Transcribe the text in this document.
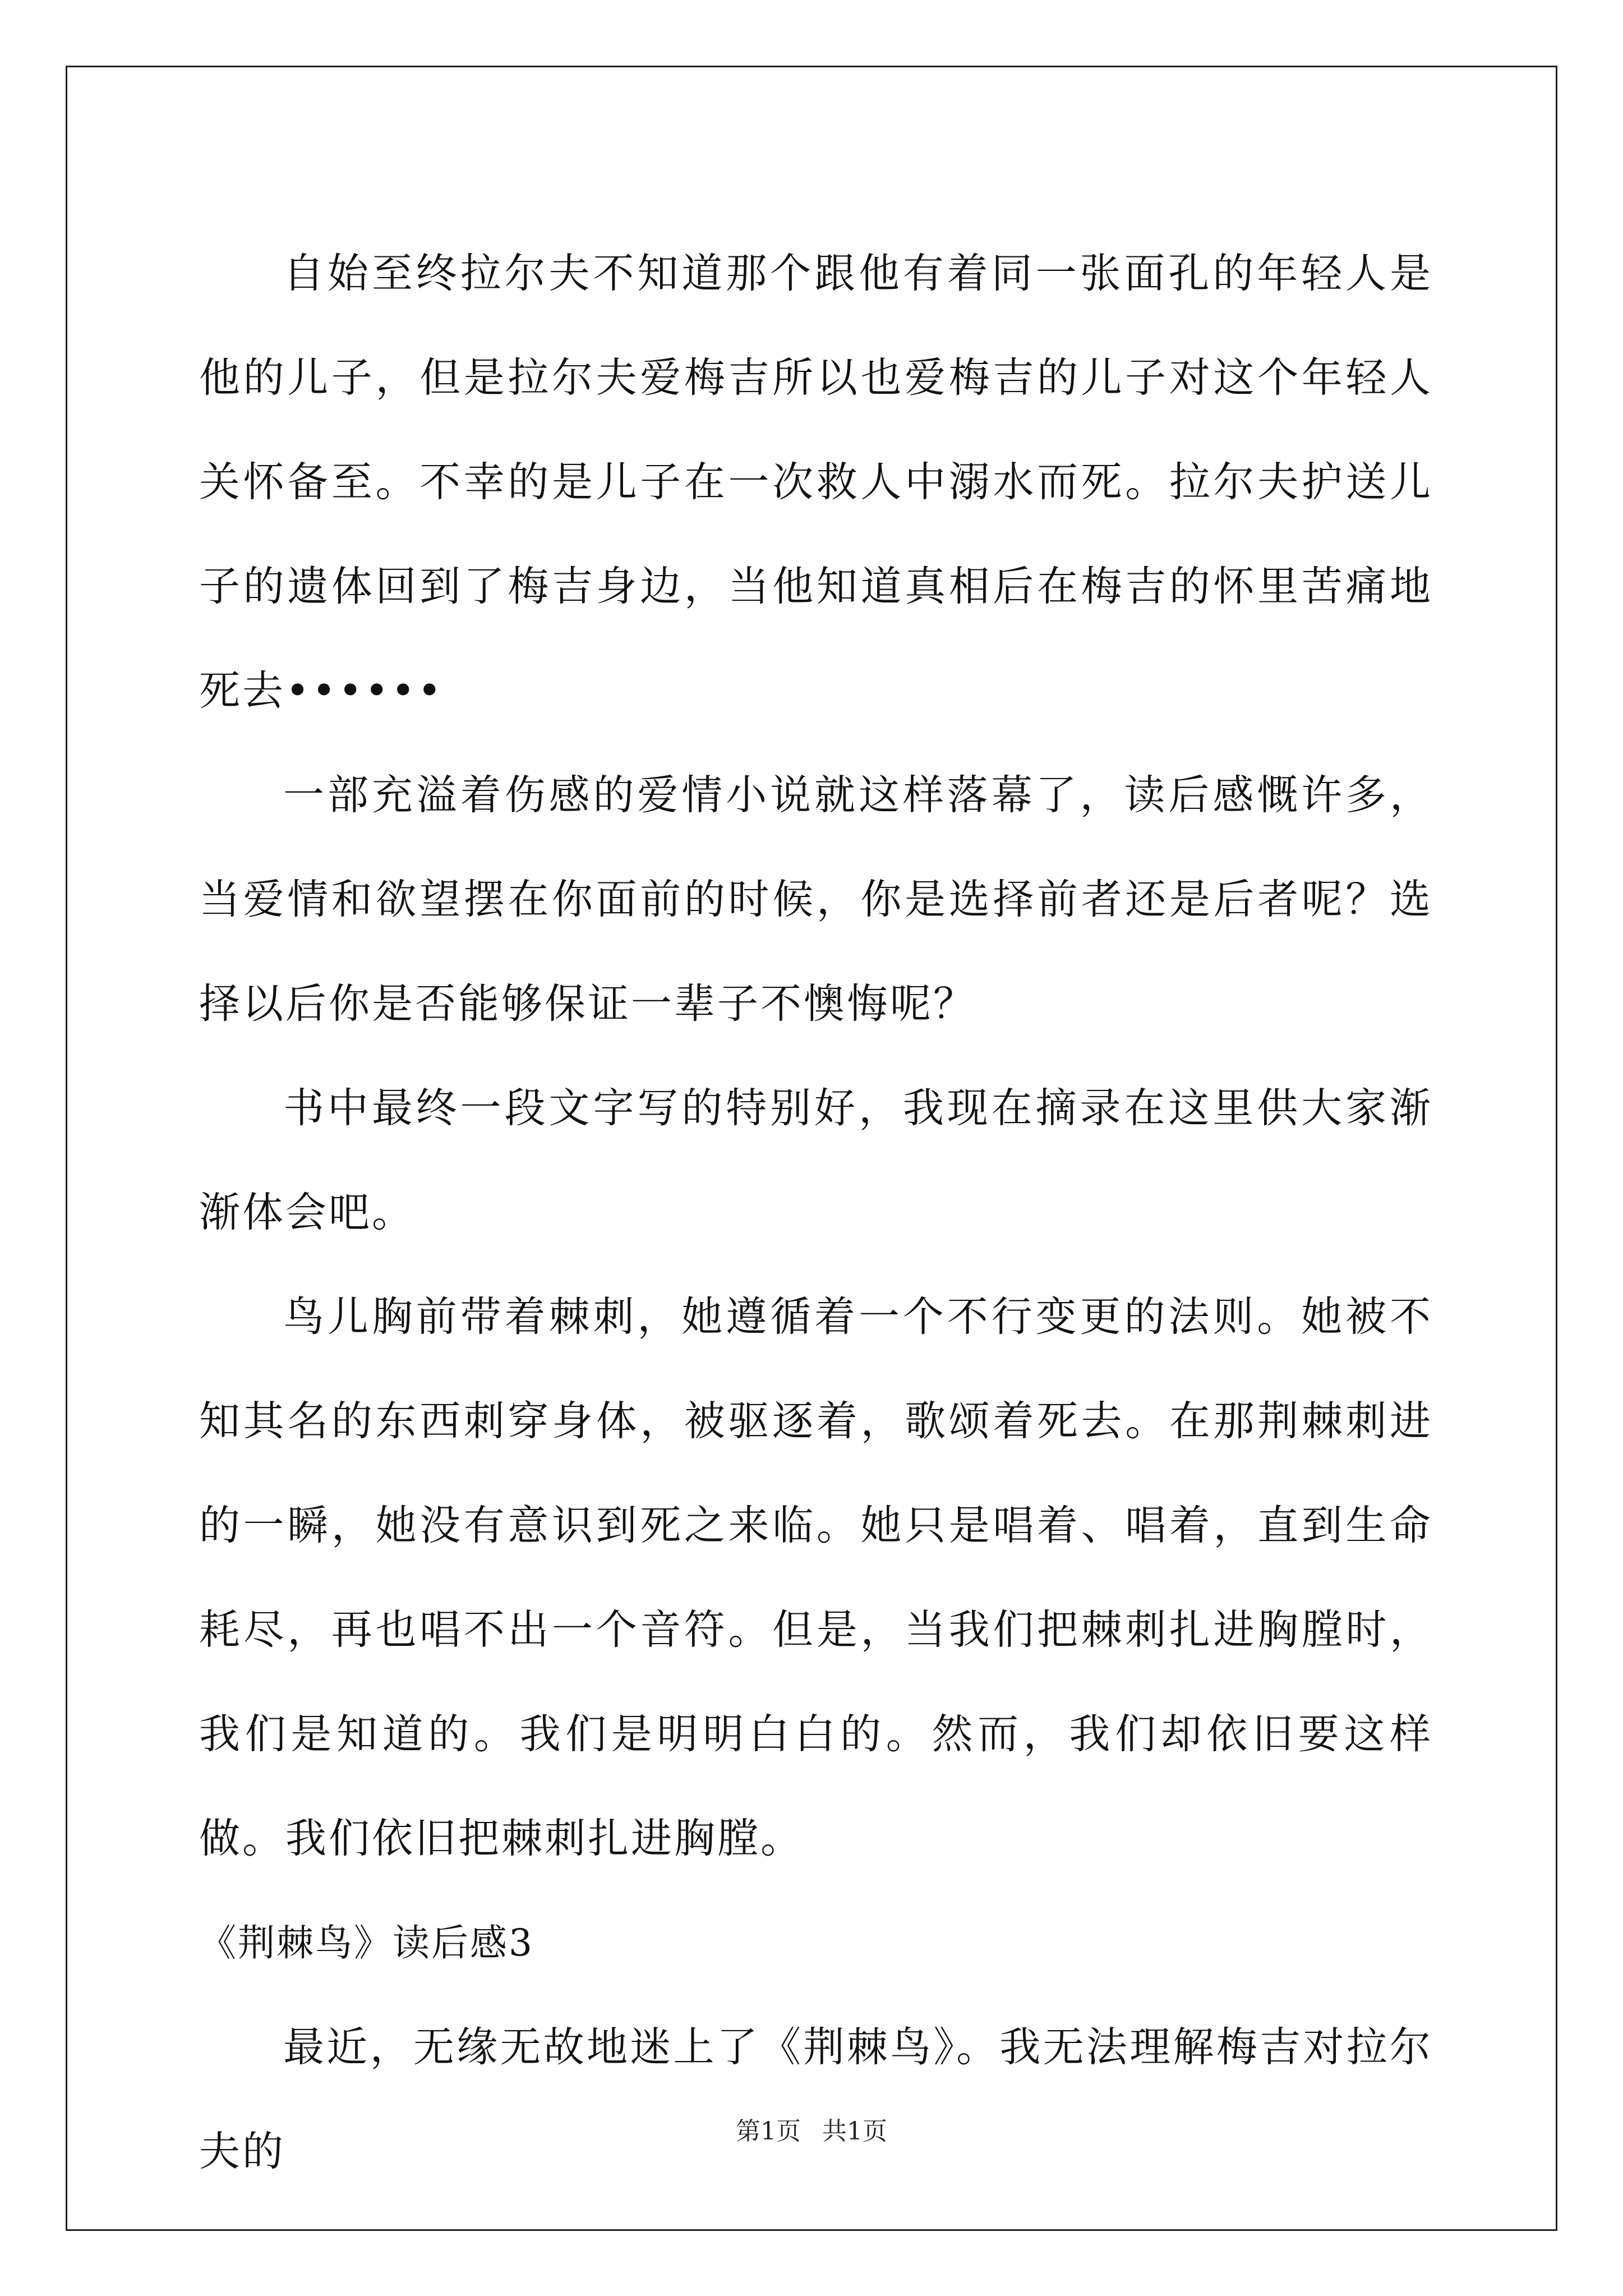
自始至终拉尔夫不知道那个跟他有着同一张面孔的年轻人是他的儿子，但是拉尔夫爱梅吉所以也爱梅吉的儿子对这个年轻人关怀备至。不幸的是儿子在一次救人中溺水而死。拉尔夫护送儿子的遗体回到了梅吉身边，当他知道真相后在梅吉的怀里苦痛地死去••••••

一部充溢着伤感的爱情小说就这样落幕了，读后感慨许多，当爱情和欲望摆在你面前的时候，你是选择前者还是后者呢？选择以后你是否能够保证一辈子不懊悔呢？

书中最终一段文字写的特别好，我现在摘录在这里供大家渐渐体会吧。

鸟儿胸前带着棘刺，她遵循着一个不行变更的法则。她被不知其名的东西刺穿身体，被驱逐着，歌颂着死去。在那荆棘刺进的一瞬，她没有意识到死之来临。她只是唱着、唱着，直到生命耗尽，再也唱不出一个音符。但是，当我们把棘刺扎进胸膛时，我们是知道的。我们是明明白白的。然而，我们却依旧要这样做。我们依旧把棘刺扎进胸膛。

《荆棘鸟》读后感3

最近，无缘无故地迷上了《荆棘鸟》。我无法理解梅吉对拉尔夫的	第1页 共1页
